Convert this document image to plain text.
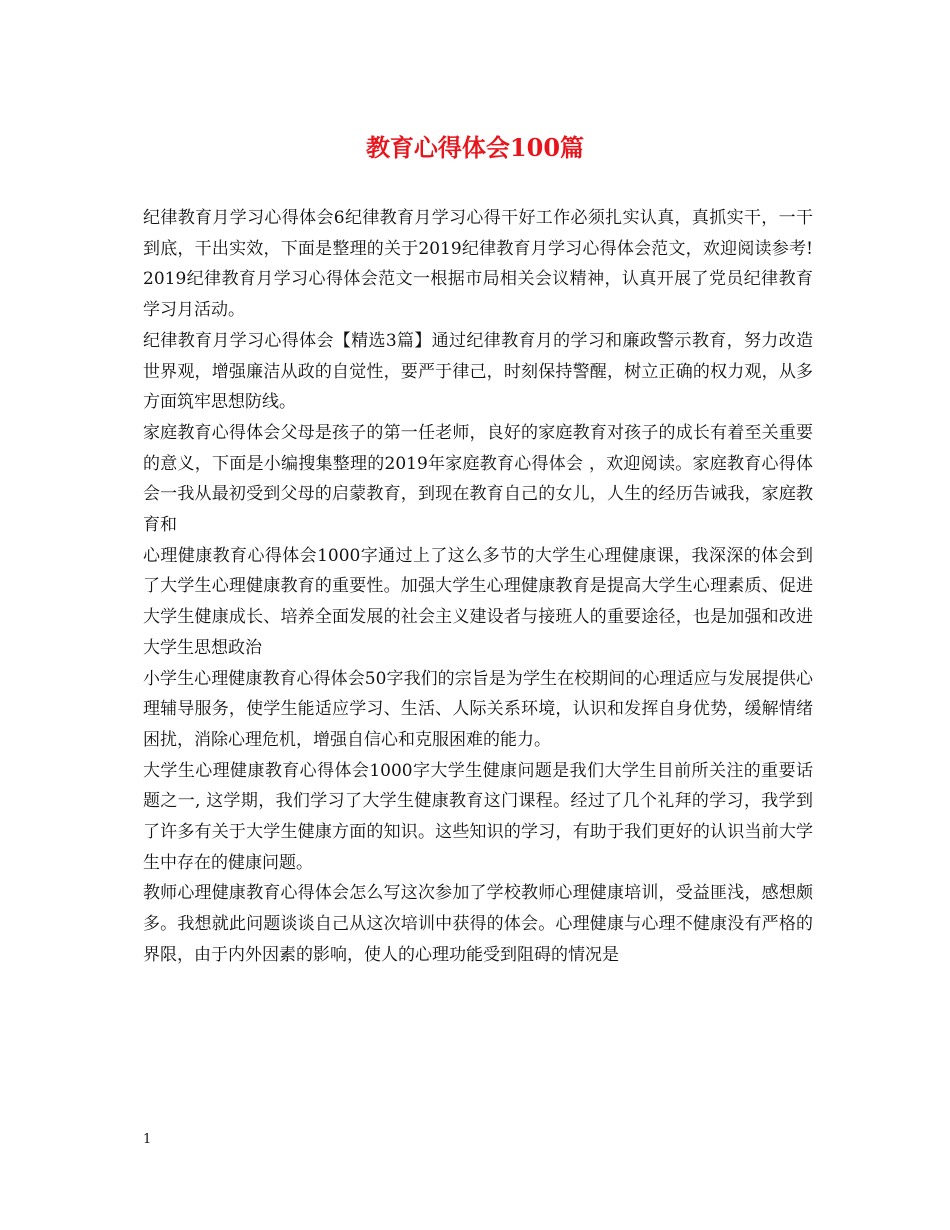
教育心得体会100篇

纪律教育月学习心得体会6纪律教育月学习心得干好工作必须扎实认真，真抓实干，一干到底，干出实效，下面是整理的关于2019纪律教育月学习心得体会范文，欢迎阅读参考!2019纪律教育月学习心得体会范文一根据市局相关会议精神，认真开展了党员纪律教育学习月活动。

纪律教育月学习心得体会【精选3篇】通过纪律教育月的学习和廉政警示教育，努力改造世界观，增强廉洁从政的自觉性，要严于律己，时刻保持警醒，树立正确的权力观，从多方面筑牢思想防线。

家庭教育心得体会父母是孩子的第一任老师，良好的家庭教育对孩子的成长有着至关重要的意义，下面是小编搜集整理的2019年家庭教育心得体会 ，欢迎阅读。家庭教育心得体会一我从最初受到父母的启蒙教育，到现在教育自己的女儿，人生的经历告诫我，家庭教育和

心理健康教育心得体会1000字通过上了这么多节的大学生心理健康课，我深深的体会到了大学生心理健康教育的重要性。加强大学生心理健康教育是提高大学生心理素质、促进大学生健康成长、培养全面发展的社会主义建设者与接班人的重要途径，也是加强和改进大学生思想政治

小学生心理健康教育心得体会50字我们的宗旨是为学生在校期间的心理适应与发展提供心理辅导服务，使学生能适应学习、生活、人际关系环境，认识和发挥自身优势，缓解情绪困扰，消除心理危机，增强自信心和克服困难的能力。

大学生心理健康教育心得体会1000字大学生健康问题是我们大学生目前所关注的重要话题之一, 这学期，我们学习了大学生健康教育这门课程。经过了几个礼拜的学习，我学到了许多有关于大学生健康方面的知识。这些知识的学习，有助于我们更好的认识当前大学生中存在的健康问题。

教师心理健康教育心得体会怎么写这次参加了学校教师心理健康培训，受益匪浅，感想颇多。我想就此问题谈谈自己从这次培训中获得的体会。心理健康与心理不健康没有严格的界限，由于内外因素的影响，使人的心理功能受到阻碍的情况是

1
